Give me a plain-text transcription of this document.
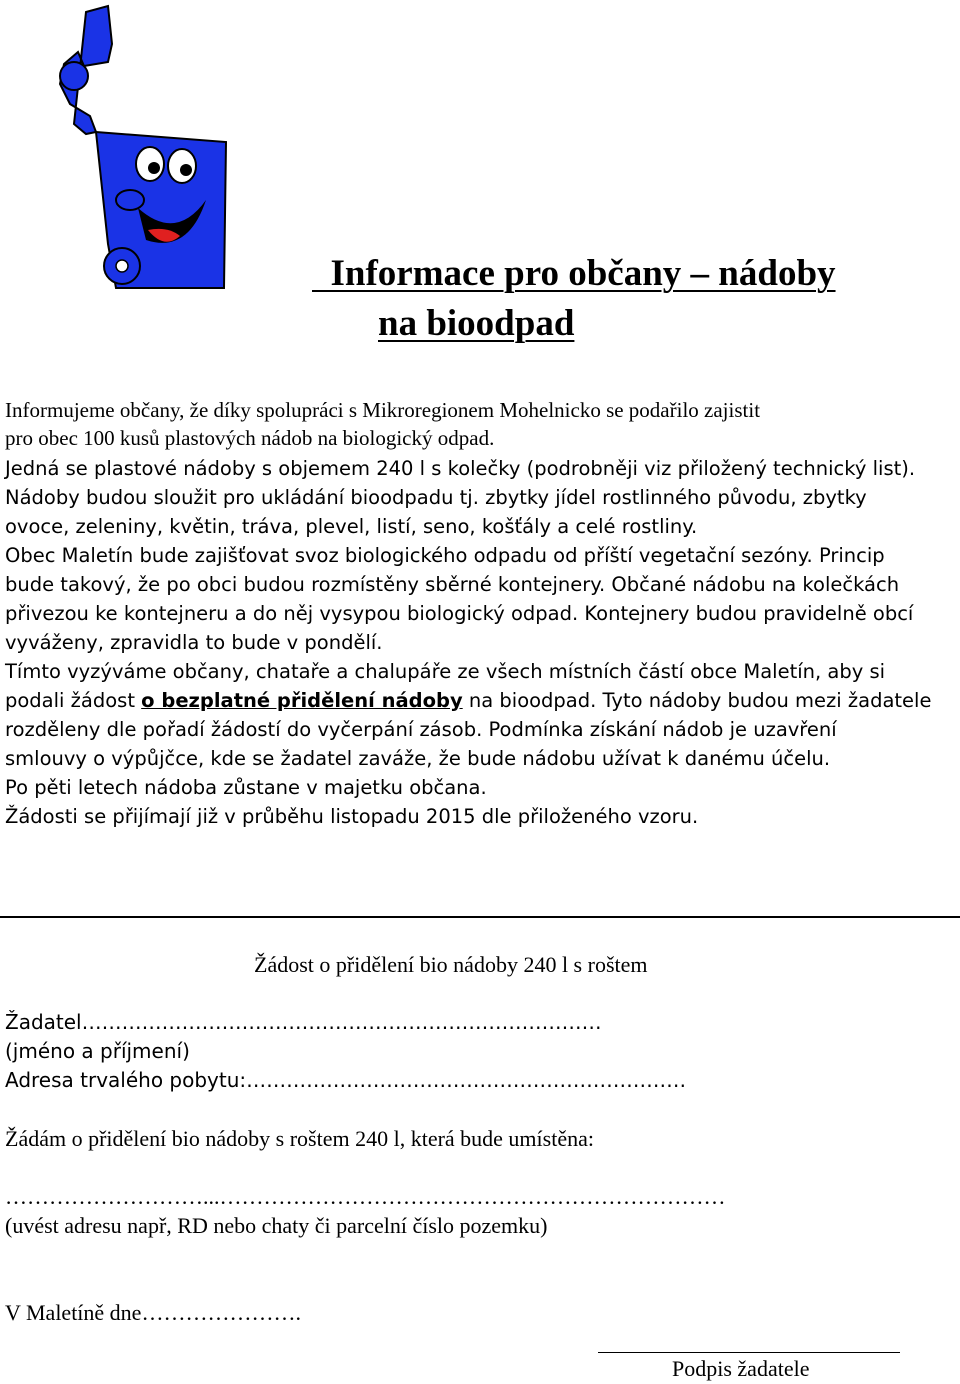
Informace pro občany – nádoby
na bioodpad
Informujeme občany, že díky spolupráci s Mikroregionem Mohelnicko se podařilo zajistit
pro obec 100 kusů plastových nádob na biologický odpad.
Jedná se plastové nádoby s objemem 240 l s kolečky (podrobněji viz přiložený technický list).
Nádoby budou sloužit pro ukládání bioodpadu tj. zbytky jídel rostlinného původu, zbytky
ovoce, zeleniny, květin, tráva, plevel, listí, seno, košťály a celé rostliny.
Obec Maletín bude zajišťovat svoz biologického odpadu od příští vegetační sezóny. Princip
bude takový, že po obci budou rozmístěny sběrné kontejnery. Občané nádobu na kolečkách
přivezou ke kontejneru a do něj vysypou biologický odpad. Kontejnery budou pravidelně obcí
vyváženy, zpravidla to bude v pondělí.
Tímto vyzýváme občany, chataře a chalupáře ze všech místních částí obce Maletín, aby si
podali žádost o bezplatné přidělení nádoby na bioodpad. Tyto nádoby budou mezi žadatele
rozděleny dle pořadí žádostí do vyčerpání zásob. Podmínka získání nádob je uzavření
smlouvy o výpůjčce, kde se žadatel zaváže, že bude nádobu užívat k danému účelu.
Po pěti letech nádoba zůstane v majetku občana.
Žádosti se přijímají již v průběhu listopadu 2015 dle přiloženého vzoru.
Žádost o přidělení bio nádoby 240 l s roštem
Žadatel……………………………………………………………………
(jméno a příjmení)
Adresa trvalého pobytu:…………………………………………………………
Žádám o přidělení bio nádoby s roštem 240 l, která bude umístěna:
………………………...……………………………………………………………
(uvést adresu např, RD nebo chaty či parcelní číslo pozemku)
V Maletíně dne………………….
Podpis žadatele
